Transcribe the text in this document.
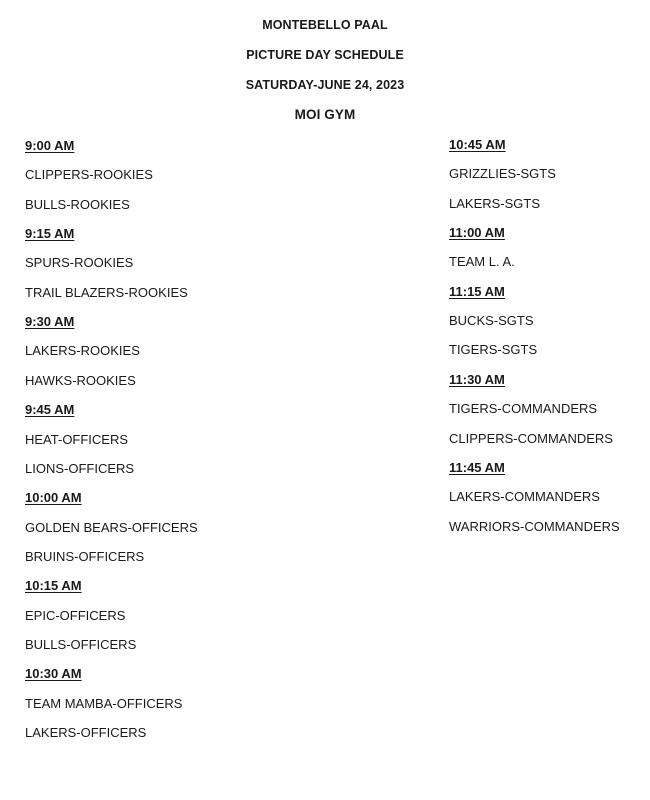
MONTEBELLO PAAL
PICTURE DAY SCHEDULE
SATURDAY-JUNE 24, 2023
MOI GYM
9:00 AM
CLIPPERS-ROOKIES
BULLS-ROOKIES
9:15 AM
SPURS-ROOKIES
TRAIL BLAZERS-ROOKIES
9:30 AM
LAKERS-ROOKIES
HAWKS-ROOKIES
9:45 AM
HEAT-OFFICERS
LIONS-OFFICERS
10:00 AM
GOLDEN BEARS-OFFICERS
BRUINS-OFFICERS
10:15 AM
EPIC-OFFICERS
BULLS-OFFICERS
10:30 AM
TEAM MAMBA-OFFICERS
LAKERS-OFFICERS
10:45 AM
GRIZZLIES-SGTS
LAKERS-SGTS
11:00 AM
TEAM L. A.
11:15 AM
BUCKS-SGTS
TIGERS-SGTS
11:30 AM
TIGERS-COMMANDERS
CLIPPERS-COMMANDERS
11:45 AM
LAKERS-COMMANDERS
WARRIORS-COMMANDERS
